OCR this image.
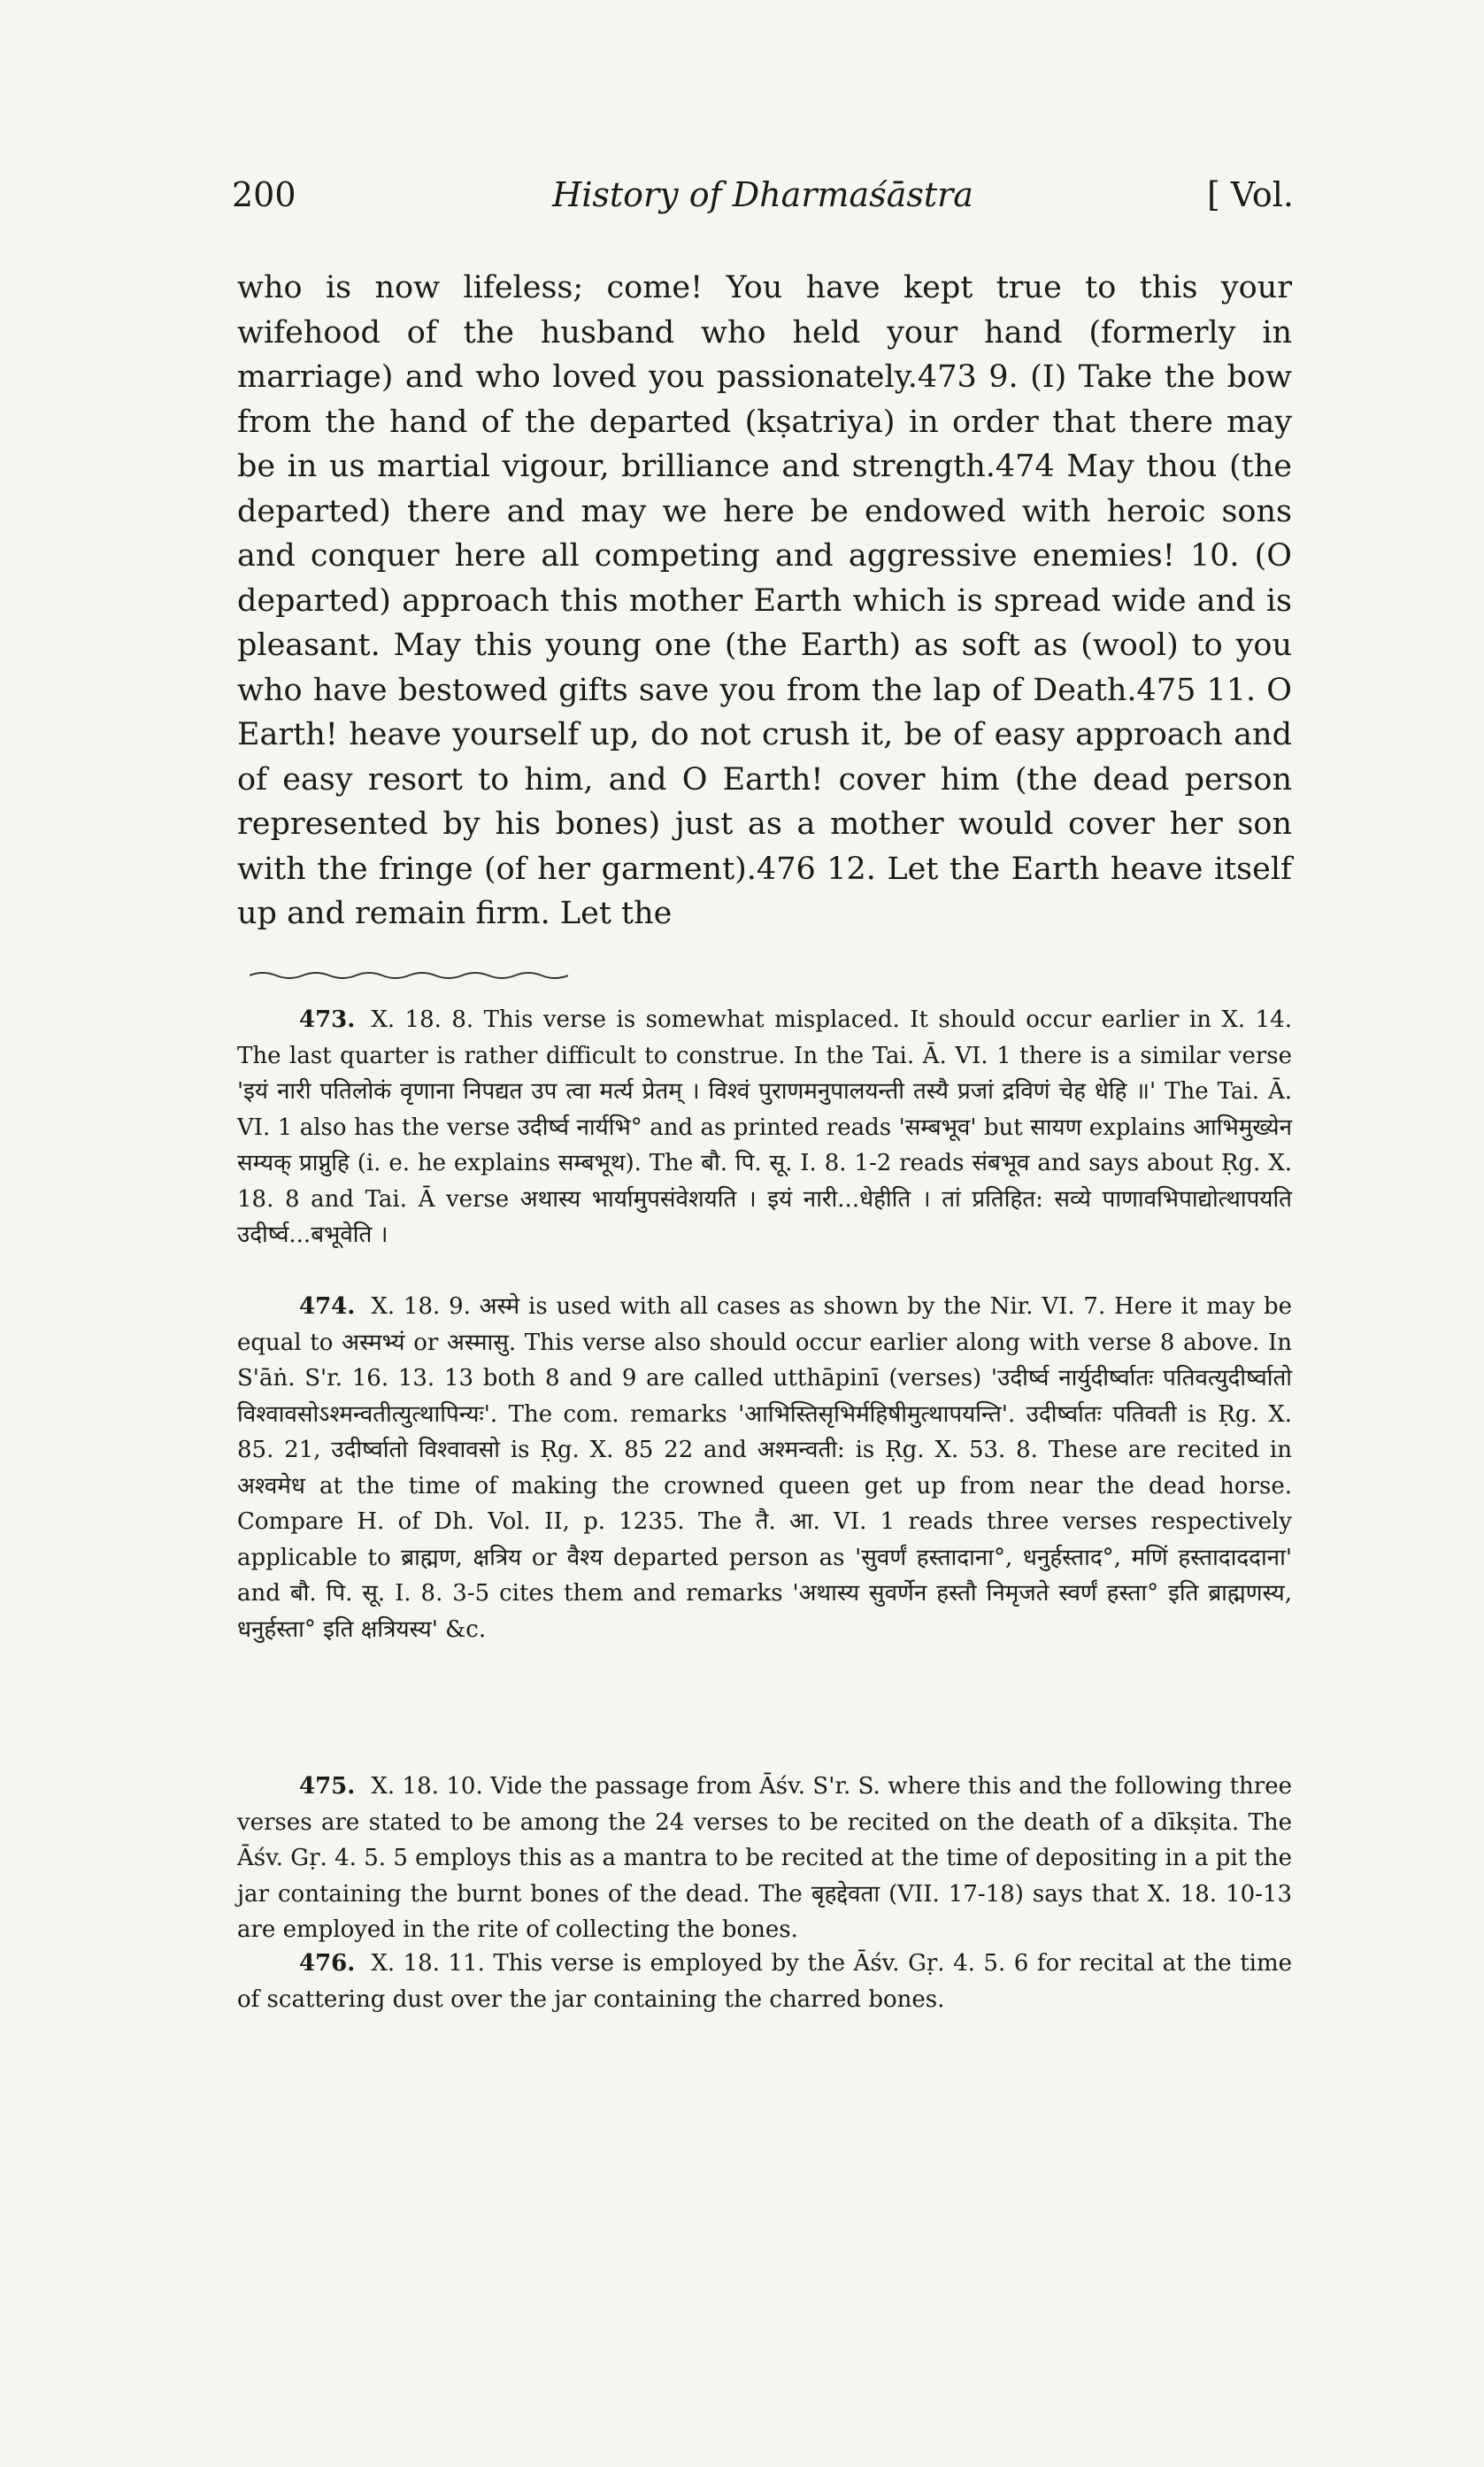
200	History of Dharmaśāstra	[ Vol.

who is now lifeless; come! You have kept true to this your wifehood of the husband who held your hand (formerly in marriage) and who loved you passionately.473 9. (I) Take the bow from the hand of the departed (kṣatriya) in order that there may be in us martial vigour, brilliance and strength.474 May thou (the departed) there and may we here be endowed with heroic sons and conquer here all competing and aggressive enemies! 10. (O departed) approach this mother Earth which is spread wide and is pleasant. May this young one (the Earth) as soft as (wool) to you who have bestowed gifts save you from the lap of Death.475 11. O Earth! heave yourself up, do not crush it, be of easy approach and of easy resort to him, and O Earth! cover him (the dead person represented by his bones) just as a mother would cover her son with the fringe (of her garment).476 12. Let the Earth heave itself up and remain firm. Let the

473. X. 18. 8. This verse is somewhat misplaced. It should occur earlier in X. 14. The last quarter is rather difficult to construe. In the Tai. Ā. VI. 1 there is a similar verse 'इयं नारी पतिलोकं वृणाना निपद्यत उप त्वा मर्त्य प्रेतम् । विश्वं पुराणमनुपालयन्ती तस्यै प्रजां द्रविणं चेह धेहि ॥' The Tai. Ā. VI. 1 also has the verse उदीर्ष्व नार्यभि° and as printed reads 'सम्बभूव' but सायण explains आभिमुख्येन सम्यक् प्राप्नुहि (i. e. he explains सम्बभूथ). The बौ. पि. सू. I. 8. 1-2 reads संबभूव and says about Ṛg. X. 18. 8 and Tai. Ā verse अथास्य भार्यामुपसंवेशयति । इयं नारी...धेहीति । तां प्रतिहित: सव्ये पाणावभिपाद्योत्थापयति उदीर्ष्व...बभूवेति ।

474. X. 18. 9. अस्मे is used with all cases as shown by the Nir. VI. 7. Here it may be equal to अस्मभ्यं or अस्मासु. This verse also should occur earlier along with verse 8 above. In S'āṅ. S'r. 16. 13. 13 both 8 and 9 are called utthāpinī (verses) 'उदीर्ष्व नार्युदीर्ष्वातः पतिवत्युदीर्ष्वातो विश्वावसोऽश्मन्वतीत्युत्थापिन्यः'. The com. remarks 'आभिस्तिसृभिर्महिषीमुत्थापयन्ति'. उदीर्ष्वातः पतिवती is Ṛg. X. 85. 21, उदीर्ष्वातो विश्वावसो is Ṛg. X. 85 22 and अश्मन्वती: is Ṛg. X. 53. 8. These are recited in अश्वमेध at the time of making the crowned queen get up from near the dead horse. Compare H. of Dh. Vol. II, p. 1235. The तै. आ. VI. 1 reads three verses respectively applicable to ब्राह्मण, क्षत्रिय or वैश्य departed person as 'सुवर्णं हस्तादाना°, धनुर्हस्ताद°, मणिं हस्तादाददाना' and बौ. पि. सू. I. 8. 3-5 cites them and remarks 'अथास्य सुवर्णेन हस्तौ निमृजते स्वर्णं हस्ता° इति ब्राह्मणस्य, धनुर्हस्ता° इति क्षत्रियस्य' &c.

475. X. 18. 10. Vide the passage from Āśv. S'r. S. where this and the following three verses are stated to be among the 24 verses to be recited on the death of a dīkṣita. The Āśv. Gṛ. 4. 5. 5 employs this as a mantra to be recited at the time of depositing in a pit the jar containing the burnt bones of the dead. The बृहद्देवता (VII. 17-18) says that X. 18. 10-13 are employed in the rite of collecting the bones.

476. X. 18. 11. This verse is employed by the Āśv. Gṛ. 4. 5. 6 for recital at the time of scattering dust over the jar containing the charred bones.
